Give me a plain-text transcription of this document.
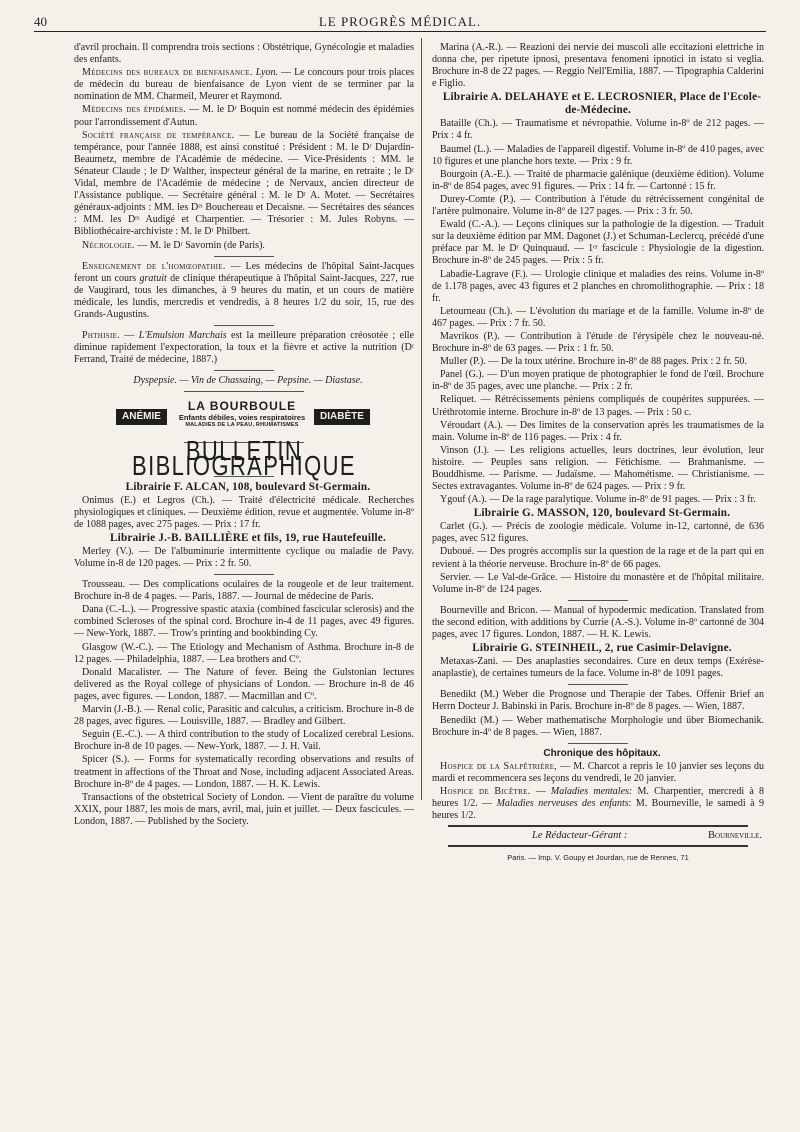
40	LE PROGRÈS MÉDICAL.

d'avril prochain. Il comprendra trois sections : Obstétrique, Gynécologie et maladies des enfants.

Médecins des bureaux de bienfaisance. Lyon. — Le concours pour trois places de médecin du bureau de bienfaisance de Lyon vient de se terminer par la nomination de MM. Charmeil, Meurer et Raymond.

Médecins des épidémies. — M. le Dʳ Boquin est nommé médecin des épidémies pour l'arrondissement d'Autun.

Société française de tempérance. — Le bureau de la Société française de tempérance, pour l'année 1888, est ainsi constitué : Président : M. le Dʳ Dujardin-Beaumetz, membre de l'Académie de médecine. — Vice-Présidents : MM. le Sénateur Claude ; le Dʳ Walther, inspecteur général de la marine, en retraite ; le Dʳ Vidal, membre de l'Académie de médecine ; de Nervaux, ancien directeur de l'Assistance publique. — Secrétaire général : M. le Dʳ A. Motet. — Secrétaires généraux-adjoints : MM. les Dʳˢ Bouchereau et Decaisne. — Secrétaires des séances : MM. les Dʳˢ Audigé et Charpentier. — Trésorier : M. Jules Robyns. — Bibliothécaire-archiviste : M. le Dʳ Philbert.

Nécrologie. — M. le Dʳ Savornin (de Paris).

Enseignement de l'homœopathie. — Les médecins de l'hôpital Saint-Jacques feront un cours gratuit de clinique thérapeutique à l'hôpital Saint-Jacques, 227, rue de Vaugirard, tous les dimanches, à 9 heures du matin, et un cours de matière médicale, les lundis, mercredis et vendredis, à 8 heures 1/2 du soir, 15, rue des Grands-Augustins.

Phthisie. — L'Emulsion Marchais est la meilleure préparation créosotée ; elle diminue rapidement l'expectoration, la toux et la fièvre et active la nutrition (Dʳ Ferrand, Traité de médecine, 1887.)

Dyspepsie. — Vin de Chassaing, — Pepsine. — Diastase.

ANÉMIE
LA BOURBOULE
Enfants débiles, voies respiratoires
MALADIES DE LA PEAU, RHUMATISMES
DIABÈTE
BULLETIN BIBLIOGRAPHIQUE

Librairie F. ALCAN, 108, boulevard St-Germain.

Onimus (E.) et Legros (Ch.). — Traité d'électricité médicale. Recherches physiologiques et cliniques. — Deuxième édition, revue et augmentée. Volume in-8º de 1088 pages, avec 275 pages. — Prix : 17 fr.

Librairie J.-B. BAILLIÈRE et fils, 19, rue Hautefeuille.

Merley (V.). — De l'albuminurie intermittente cyclique ou maladie de Pavy. Volume in-8 de 120 pages. — Prix : 2 fr. 50.

Trousseau. — Des complications oculaires de la rougeole et de leur traitement. Brochure in-8 de 4 pages. — Paris, 1887. — Journal de médecine de Paris.

Dana (C.-L.). — Progressive spastic ataxia (combined fascicular sclerosis) and the combined Scleroses of the spinal cord. Brochure in-4 de 11 pages, avec 49 figures. — New-York, 1887. — Trow's printing and bookbinding Cy.

Glasgow (W.-C.). — The Etiology and Mechanism of Asthma. Brochure in-8 de 12 pages. — Philadelphia, 1887. — Lea brothers and Cº.

Donald Macalister. — The Nature of fever. Being the Gulstonian lectures delivered as the Royal college of physicians of London. — Brochure in-8 de 46 pages, avec figures. — London, 1887. — Macmillan and Cº.

Marvin (J.-B.). — Renal colic, Parasitic and calculus, a criticism. Brochure in-8 de 28 pages, avec figures. — Louisville, 1887. — Bradley and Gilbert.

Seguin (E.-C.). — A third contribution to the study of Localized cerebral Lesions. Brochure in-8 de 10 pages. — New-York, 1887. — J. H. Vail.

Spicer (S.). — Forms for systematically recording observations and results of treatment in affections of the Throat and Nose, including adjacent Associated Areas. Brochure in-8º de 4 pages. — London, 1887. — H. K. Lewis.

Transactions of the obstetrical Society of London. — Vient de paraître du volume XXIX, pour 1887, les mois de mars, avril, mai, juin et juillet. — Deux fascicules. — London, 1887. — Published by the Society.

Marina (A.-R.). — Reazioni dei nervie dei muscoli alle eccitazioni elettriche in donna che, per ripetute ipnosi, presentava fenomeni ipnotici in istato si veglia. Brochure in-8 de 22 pages. — Reggio Nell'Emilia, 1887. — Tipographia Calderini e Figlio.

Librairie A. DELAHAYE et E. LECROSNIER, Place de l'Ecole-de-Médecine.

Bataille (Ch.). — Traumatisme et névropathie. Volume in-8º de 212 pages. — Prix : 4 fr.

Baumel (L.). — Maladies de l'appareil digestif. Volume in-8º de 410 pages, avec 10 figures et une planche hors texte. — Prix : 9 fr.

Bourgoin (A.-E.). — Traité de pharmacie galénique (deuxième édition). Volume in-8º de 854 pages, avec 91 figures. — Prix : 14 fr. — Cartonné : 15 fr.

Durey-Comte (P.). — Contribution à l'étude du rétrécissement congénital de l'artère pulmonaire. Volume in-8º de 127 pages. — Prix : 3 fr. 50.

Ewald (C.-A.). — Leçons cliniques sur la pathologie de la digestion. — Traduit sur la deuxième édition par MM. Dagonet (J.) et Schuman-Leclercq, précédé d'une préface par M. le Dʳ Quinquaud. — 1ᵉʳ fascicule : Physiologie de la digestion. Brochure in-8º de 245 pages. — Prix : 5 fr.

Labadie-Lagrave (F.). — Urologie clinique et maladies des reins. Volume in-8º de 1.178 pages, avec 43 figures et 2 planches en chromolithographie. — Prix : 18 fr.

Letourneau (Ch.). — L'évolution du mariage et de la famille. Volume in-8º de 467 pages. — Prix : 7 fr. 50.

Mavrikos (P.). — Contribution à l'étude de l'érysipèle chez le nouveau-né. Brochure in-8º de 63 pages. — Prix : 1 fr. 50.

Muller (P.). — De la toux utérine. Brochure in-8º de 88 pages. Prix : 2 fr. 50.

Panel (G.). — D'un moyen pratique de photographier le fond de l'œil. Brochure in-8º de 35 pages, avec une planche. — Prix : 2 fr.

Reliquet. — Rétrécissements péniens compliqués de coupérites suppurées. — Uréthrotomie interne. Brochure in-8º de 13 pages. — Prix : 50 c.

Véroudart (A.). — Des limites de la conservation après les traumatismes de la main. Volume in-8º de 116 pages. — Prix : 4 fr.

Vinson (J.). — Les religions actuelles, leurs doctrines, leur évolution, leur histoire. — Peuples sans religion. — Fétichisme. — Brahmanisme. — Bouddhisme. — Parisme. — Judaïsme. — Mahométisme. — Christianisme. — Sectes extravagantes. Volume in-8º de 624 pages. — Prix : 9 fr.

Ygouf (A.). — De la rage paralytique. Volume in-8º de 91 pages. — Prix : 3 fr.

Librairie G. MASSON, 120, boulevard St-Germain.

Carlet (G.). — Précis de zoologie médicale. Volume in-12, cartonné, de 636 pages, avec 512 figures.

Duboué. — Des progrès accomplis sur la question de la rage et de la part qui en revient à la théorie nerveuse. Brochure in-8º de 66 pages.

Servier. — Le Val-de-Grâce. — Histoire du monastère et de l'hôpital militaire. Volume in-8º de 124 pages.

Bourneville and Bricon. — Manual of hypodermic medication. Translated from the second edition, with additions by Currie (A.-S.). Volume in-8º cartonné de 304 pages, avec 17 figures. London, 1887. — H. K. Lewis.

Librairie G. STEINHEIL, 2, rue Casimir-Delavigne.

Metaxas-Zani. — Des anaplasties secondaires. Cure en deux temps (Exérèse-anaplastie), de certaines tumeurs de la face. Volume in-8º de 1091 pages.

Benedikt (M.) Weber die Prognose und Therapie der Tabes. Offenir Brief an Herrn Docteur J. Babinski in Paris. Brochure in-8º de 8 pages. — Wien, 1887.

Benedikt (M.) — Weber mathematische Morphologie und über Biomechanik. Brochure in-4º de 8 pages. — Wien, 1887.

Chronique des hôpitaux.

Hospice de la Salpêtrière, — M. Charcot a repris le 10 janvier ses leçons du mardi et recommencera ses leçons du vendredi, le 20 janvier.

Hospice de Bicêtre. — Maladies mentales: M. Charpentier, mercredi à 8 heures 1/2. — Maladies nerveuses des enfants: M. Bourneville, le samedi à 9 heures 1/2.

Le Rédacteur-Gérant :	Bourneville.
Paris. — Imp. V. Goupy et Jourdan, rue de Rennes, 71
